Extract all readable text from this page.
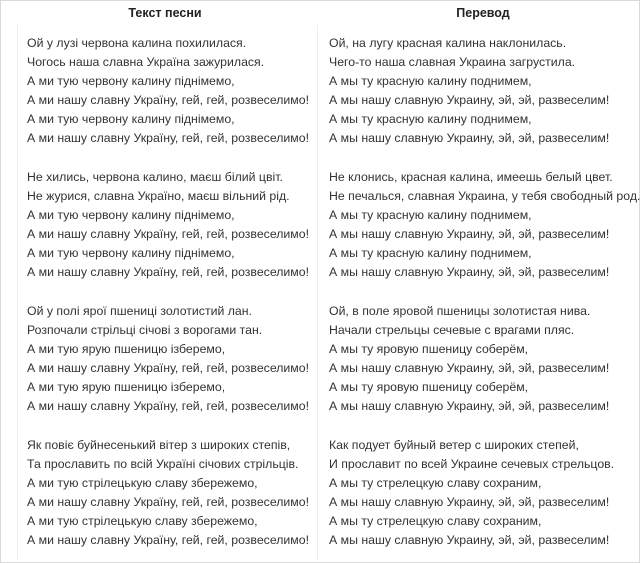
Текст песни	Перевод
Ой у лузі червона калина похилилася.
Чогось наша славна Україна зажурилася.
А ми тую червону калину піднімемо,
А ми нашу славну Україну, гей, гей, розвеселимо!
А ми тую червону калину піднімемо,
А ми нашу славну Україну, гей, гей, розвеселимо!
Не хились, червона калино, маєш білий цвіт.
Не журися, славна Україно, маєш вільний рід.
А ми тую червону калину піднімемо,
А ми нашу славну Україну, гей, гей, розвеселимо!
А ми тую червону калину піднімемо,
А ми нашу славну Україну, гей, гей, розвеселимо!
Ой у полі ярої пшениці золотистий лан.
Розпочали стрільці січові з ворогами тан.
А ми тую ярую пшеницю ізберемо,
А ми нашу славну Україну, гей, гей, розвеселимо!
А ми тую ярую пшеницю ізберемо,
А ми нашу славну Україну, гей, гей, розвеселимо!
Як повіє буйнесенький вітер з широких степів,
Та прославить по всій Україні січових стрільців.
А ми тую стрілецькую славу збережемо,
А ми нашу славну Україну, гей, гей, розвеселимо!
А ми тую стрілецькую славу збережемо,
А ми нашу славну Україну, гей, гей, розвеселимо!
Ой, на лугу красная калина наклонилась.
Чего-то наша славная Украина загрустила.
А мы ту красную калину поднимем,
А мы нашу славную Украину, эй, эй, развеселим!
А мы ту красную калину поднимем,
А мы нашу славную Украину, эй, эй, развеселим!
Не клонись, красная калина, имеешь белый цвет.
Не печалься, славная Украина, у тебя свободный род.
А мы ту красную калину поднимем,
А мы нашу славную Украину, эй, эй, развеселим!
А мы ту красную калину поднимем,
А мы нашу славную Украину, эй, эй, развеселим!
Ой, в поле яровой пшеницы золотистая нива.
Начали стрельцы сечевые с врагами пляс.
А мы ту яровую пшеницу соберём,
А мы нашу славную Украину, эй, эй, развеселим!
А мы ту яровую пшеницу соберём,
А мы нашу славную Украину, эй, эй, развеселим!
Как подует буйный ветер с широких степей,
И прославит по всей Украине сечевых стрельцов.
А мы ту стрелецкую славу сохраним,
А мы нашу славную Украину, эй, эй, развеселим!
А мы ту стрелецкую славу сохраним,
А мы нашу славную Украину, эй, эй, развеселим!
